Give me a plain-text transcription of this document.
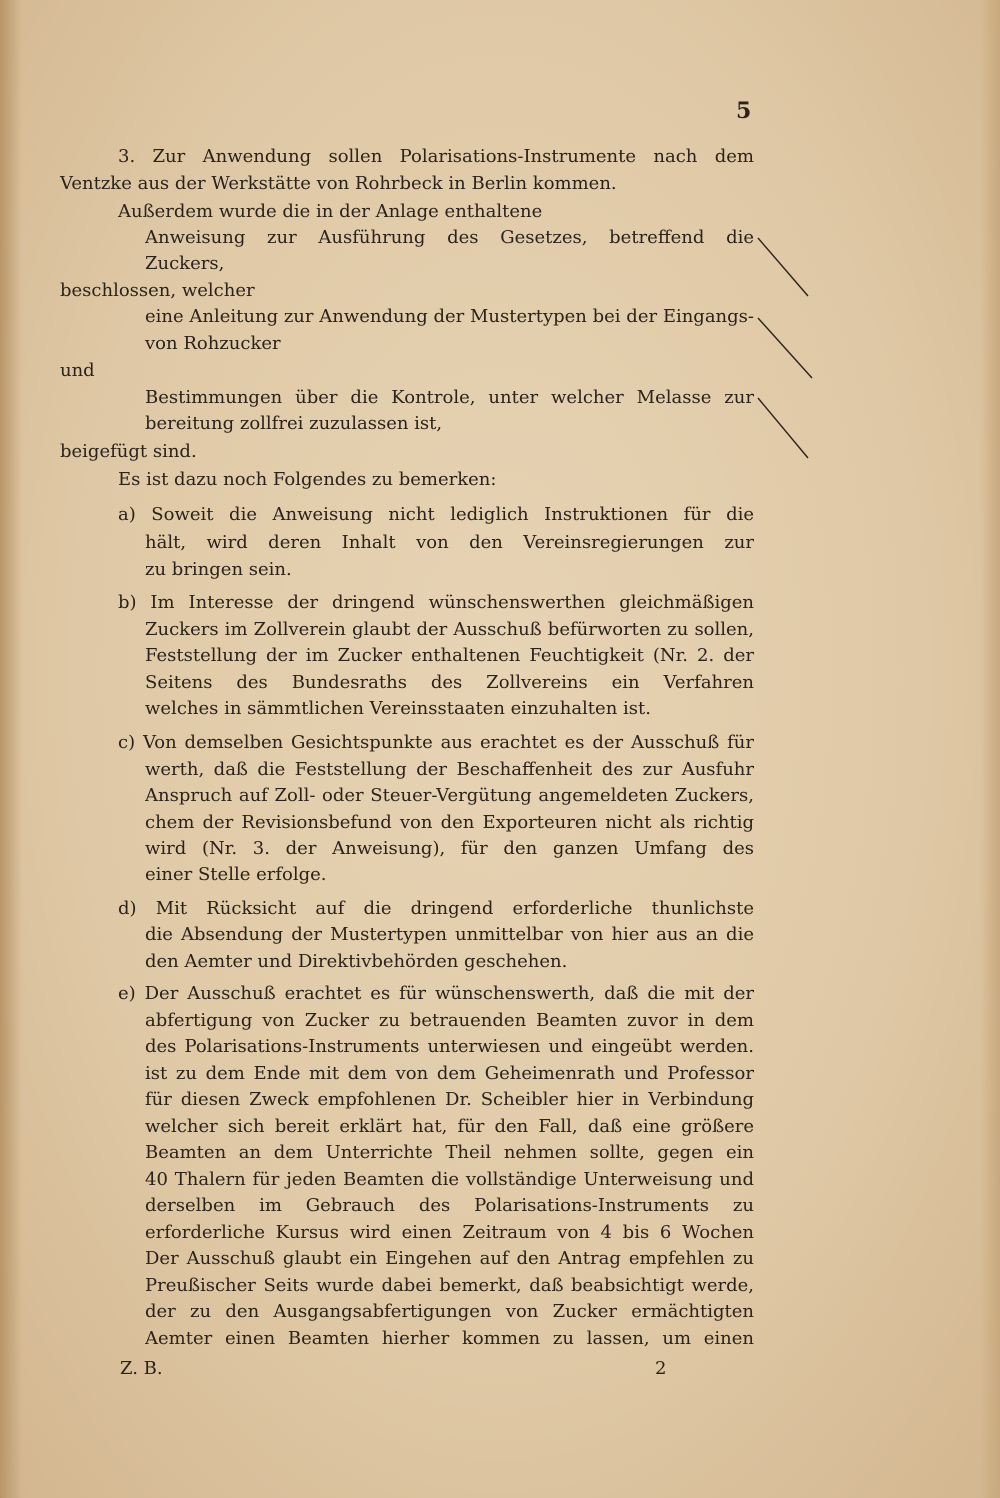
5
3. Zur Anwendung sollen Polarisations-Instrumente nach dem
Ventzke aus der Werkstätte von Rohrbeck in Berlin kommen.
Außerdem wurde die in der Anlage enthaltene
Anweisung zur Ausführung des Gesetzes, betreffend die
Zuckers,
beschlossen, welcher
eine Anleitung zur Anwendung der Mustertypen bei der Eingangs-
von Rohzucker
und
Bestimmungen über die Kontrole, unter welcher Melasse zur
bereitung zollfrei zuzulassen ist,
beigefügt sind.
Es ist dazu noch Folgendes zu bemerken:
a) Soweit die Anweisung nicht lediglich Instruktionen für die
hält, wird deren Inhalt von den Vereinsregierungen zur
zu bringen sein.
b) Im Interesse der dringend wünschenswerthen gleichmäßigen
Zuckers im Zollverein glaubt der Ausschuß befürworten zu sollen,
Feststellung der im Zucker enthaltenen Feuchtigkeit (Nr. 2. der
Seitens des Bundesraths des Zollvereins ein Verfahren
welches in sämmtlichen Vereinsstaaten einzuhalten ist.
c) Von demselben Gesichtspunkte aus erachtet es der Ausschuß für
werth, daß die Feststellung der Beschaffenheit des zur Ausfuhr
Anspruch auf Zoll- oder Steuer-Vergütung angemeldeten Zuckers,
chem der Revisionsbefund von den Exporteuren nicht als richtig
wird (Nr. 3. der Anweisung), für den ganzen Umfang des
einer Stelle erfolge.
d) Mit Rücksicht auf die dringend erforderliche thunlichste
die Absendung der Mustertypen unmittelbar von hier aus an die
den Aemter und Direktivbehörden geschehen.
e) Der Ausschuß erachtet es für wünschenswerth, daß die mit der
abfertigung von Zucker zu betrauenden Beamten zuvor in dem
des Polarisations-Instruments unterwiesen und eingeübt werden.
ist zu dem Ende mit dem von dem Geheimenrath und Professor
für diesen Zweck empfohlenen Dr. Scheibler hier in Verbindung
welcher sich bereit erklärt hat, für den Fall, daß eine größere
Beamten an dem Unterrichte Theil nehmen sollte, gegen ein
40 Thalern für jeden Beamten die vollständige Unterweisung und
derselben im Gebrauch des Polarisations-Instruments zu
erforderliche Kursus wird einen Zeitraum von 4 bis 6 Wochen
Der Ausschuß glaubt ein Eingehen auf den Antrag empfehlen zu
Preußischer Seits wurde dabei bemerkt, daß beabsichtigt werde,
der zu den Ausgangsabfertigungen von Zucker ermächtigten
Aemter einen Beamten hierher kommen zu lassen, um einen
Z. B.	2
